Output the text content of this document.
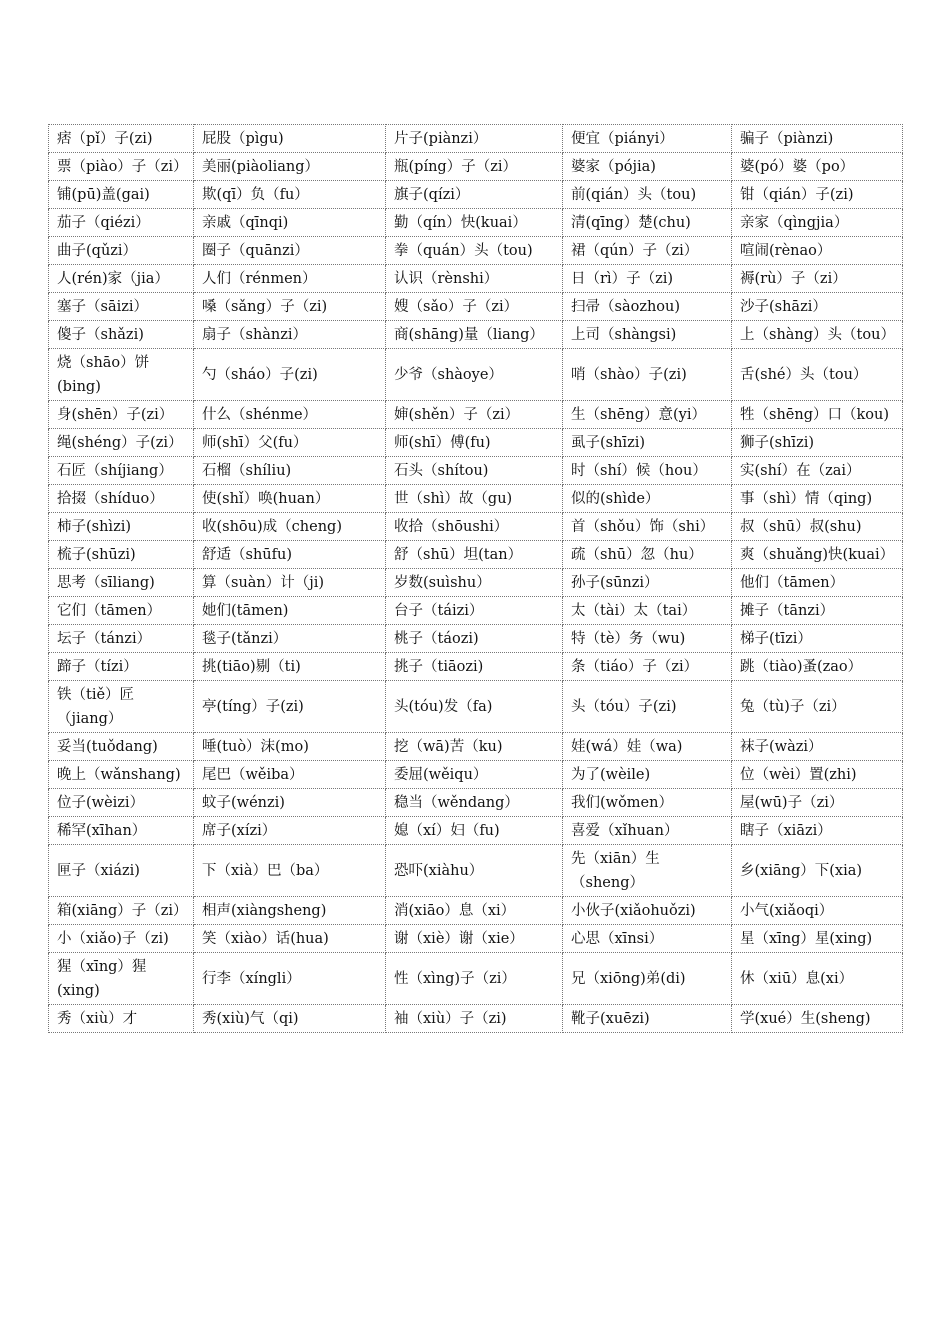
痞（pǐ）子(zi)	屁股（pìgu)	片子(piànzi）	便宜（piányi）	骗子（piànzi)
票（piào）子（zi）	美丽(piàoliang）	瓶(píng）子（zi）	婆家（pójia)	婆(pó）婆（po）
铺(pū)盖(gai)	欺(qī）负（fu）	旗子(qízi）	前(qián）头（tou)	钳（qián）子(zi)
茄子（qiézi）	亲戚（qīnqi)	勤（qín）快(kuai）	清(qīng）楚(chu)	亲家（qìngjia）
曲子(qǔzi）	圈子（quānzi）	拳（quán）头（tou)	裙（qún）子（zi）	喧闹(rènao）
人(rén)家（jia）	人们（rénmen）	认识（rènshi）	日（rì）子（zi)	褥(rù）子（zi）
塞子（sāizi）	嗓（sǎng）子（zi)	嫂（sǎo）子（zi）	扫帚（sàozhou)	沙子(shāzi）
傻子（shǎzi)	扇子（shànzi）	商(shāng)量（liang）	上司（shàngsi)	上（shàng）头（tou）
烧（shāo）饼(bing)	勺（sháo）子(zi)	少爷（shàoye）	哨（shào）子(zi)	舌(shé）头（tou）
身(shēn）子(zi）	什么（shénme）	婶(shěn）子（zi）	生（shēng）意(yi）	牲（shēng）口（kou)
绳(shéng）子(zi）	师(shī）父(fu）	师(shī）傅(fu)	虱子(shīzi)	狮子(shīzi)
石匠（shíjiang）	石榴（shíliu)	石头（shítou)	时（shí）候（hou）	实(shí）在（zai）
拾掇（shíduo）	使(shǐ）唤(huan）	世（shì）故（gu)	似的(shìde）	事（shì）情（qing)
柿子(shìzi)	收(shōu)成（cheng)	收拾（shōushi）	首（shǒu）饰（shi）	叔（shū）叔(shu)
梳子(shūzi)	舒适（shūfu)	舒（shū）坦(tan）	疏（shū）忽（hu）	爽（shuǎng)快(kuai）
思考（sīliang)	算（suàn）计（ji)	岁数(suìshu）	孙子(sūnzi）	他们（tāmen）
它们（tāmen）	她们(tāmen)	台子（táizi）	太（tài）太（tai）	摊子（tānzi）
坛子（tánzi）	毯子(tǎnzi）	桃子（táozi)	特（tè）务（wu)	梯子(tīzi）
蹄子（tízi）	挑(tiāo)剔（ti)	挑子（tiāozi)	条（tiáo）子（zi）	跳（tiào)蚤(zao）
铁（tiě）匠（jiang）	亭(tíng）子(zi)	头(tóu)发（fa)	头（tóu）子(zi)	兔（tù)子（zi）
妥当(tuǒdang)	唾(tuò）沫(mo)	挖（wā)苦（ku)	娃(wá）娃（wa)	袜子(wàzi）
晚上（wǎnshang)	尾巴（wěiba）	委屈(wěiqu）	为了(wèile)	位（wèi）置(zhi)
位子(wèizi）	蚊子(wénzi)	稳当（wěndang）	我们(wǒmen）	屋(wū)子（zi）
稀罕(xīhan）	席子(xízi）	媳（xí）妇（fu)	喜爱（xǐhuan）	瞎子（xiāzi）
匣子（xiázi)	下（xià）巴（ba）	恐吓(xiàhu）	先（xiān）生（sheng）	乡(xiāng）下(xia)
箱(xiāng）子（zi）	相声(xiàngsheng)	消(xiāo）息（xi）	小伙子(xiǎohuǒzi)	小气(xiǎoqi）
小（xiǎo)子（zi)	笑（xiào）话(hua)	谢（xiè）谢（xie）	心思（xīnsi）	星（xīng）星(xing)
猩（xīng）猩(xing)	行李（xíngli）	性（xìng)子（zi）	兄（xiōng)弟(di)	休（xiū）息(xi）
秀（xiù）才	秀(xiù)气（qi)	袖（xiù）子（zi)	靴子(xuēzi)	学(xué）生(sheng)
